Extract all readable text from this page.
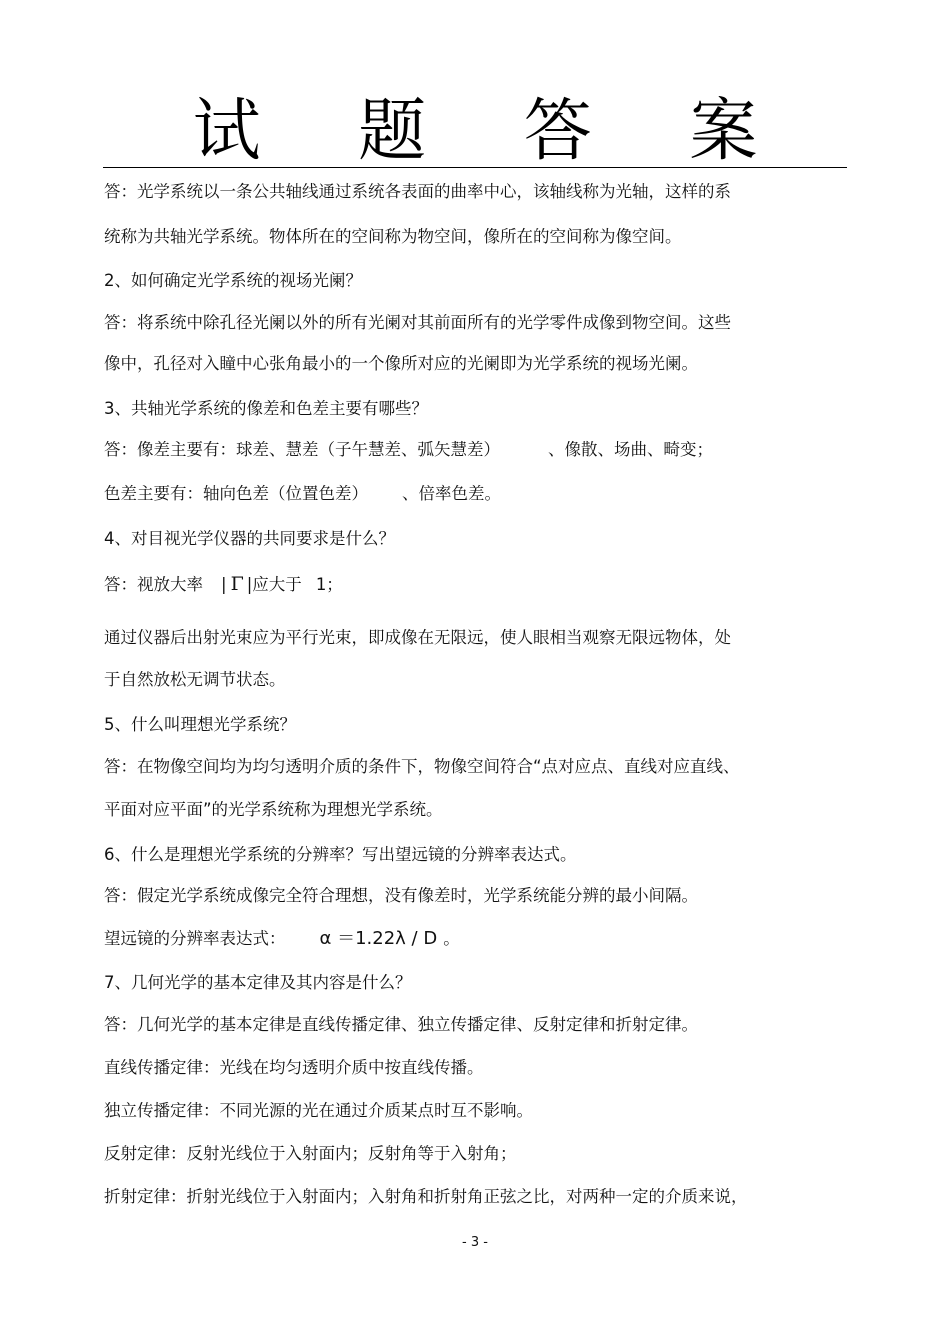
试 题 答 案
答：光学系统以一条公共轴线通过系统各表面的曲率中心，该轴线称为光轴，这样的系
统称为共轴光学系统。物体所在的空间称为物空间，像所在的空间称为像空间。
2、如何确定光学系统的视场光阑？
答：将系统中除孔径光阑以外的所有光阑对其前面所有的光学零件成像到物空间。这些
像中，孔径对入瞳中心张角最小的一个像所对应的光阑即为光学系统的视场光阑。
3、共轴光学系统的像差和色差主要有哪些？
答：像差主要有：球差、慧差（子午慧差、弧矢慧差）	、像散、场曲、畸变；
色差主要有：轴向色差（位置色差） 、倍率色差。
4、对目视光学仪器的共同要求是什么？
答：视放大率 | Γ |应大于 1；
通过仪器后出射光束应为平行光束，即成像在无限远，使人眼相当观察无限远物体，处
于自然放松无调节状态。
5、什么叫理想光学系统？
答：在物像空间均为均匀透明介质的条件下，物像空间符合“点对应点、直线对应直线、
平面对应平面”的光学系统称为理想光学系统。
6、什么是理想光学系统的分辨率？写出望远镜的分辨率表达式。
答：假定光学系统成像完全符合理想，没有像差时，光学系统能分辨的最小间隔。
望远镜的分辨率表达式： α ＝1.22λ / D 。
7、几何光学的基本定律及其内容是什么？
答：几何光学的基本定律是直线传播定律、独立传播定律、反射定律和折射定律。
直线传播定律：光线在均匀透明介质中按直线传播。
独立传播定律：不同光源的光在通过介质某点时互不影响。
反射定律：反射光线位于入射面内；反射角等于入射角；
折射定律：折射光线位于入射面内；入射角和折射角正弦之比，对两种一定的介质来说，
- 3 -
